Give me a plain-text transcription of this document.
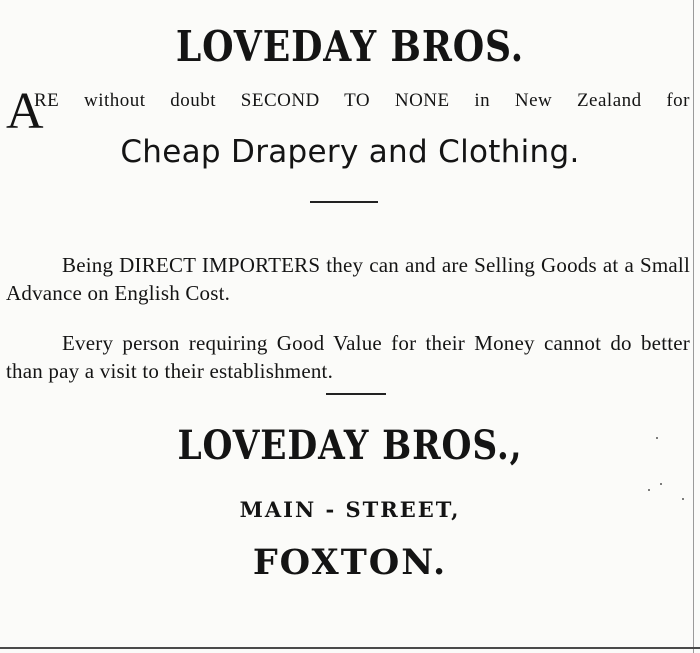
LOVEDAY BROS.
A
RE without doubt SECOND TO NONE in New Zealand for
Cheap Drapery and Clothing.

Being DIRECT IMPORTERS they can and are Selling Goods at a Small Advance on English Cost.

Every person requiring Good Value for their Money cannot do better than pay a visit to their establishment.

LOVEDAY BROS.,
MAIN - STREET,
FOXTON.
